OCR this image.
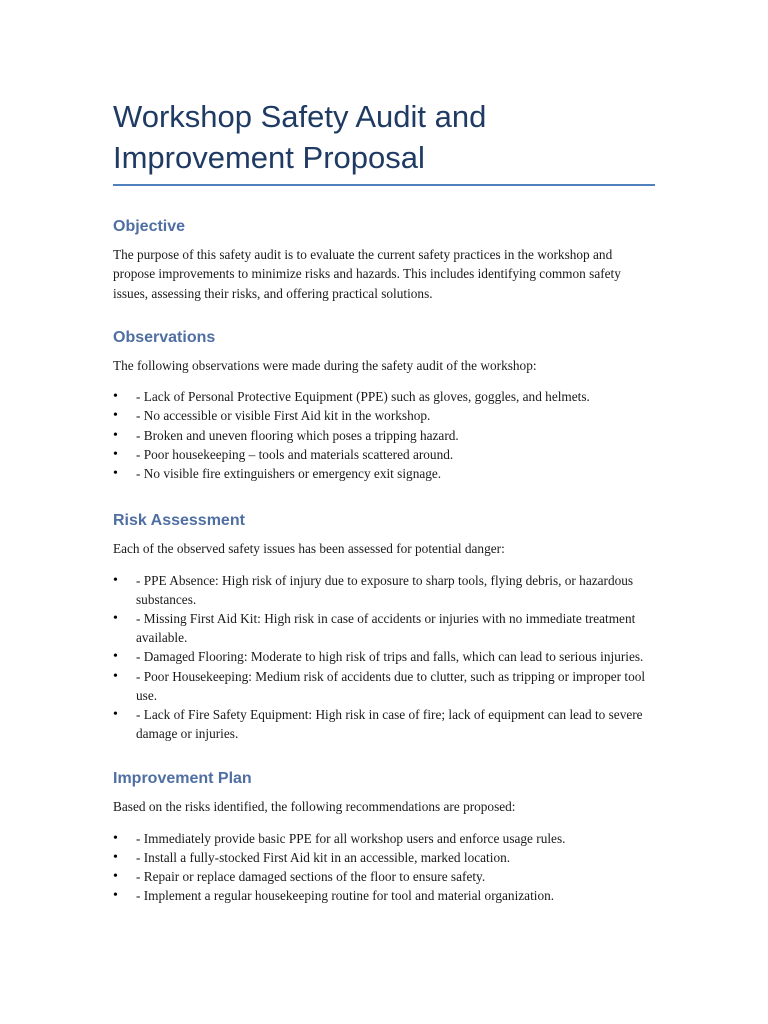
Workshop Safety Audit and
Improvement Proposal
Objective

The purpose of this safety audit is to evaluate the current safety practices in the workshop and propose improvements to minimize risks and hazards. This includes identifying common safety issues, assessing their risks, and offering practical solutions.

Observations

The following observations were made during the safety audit of the workshop:

• - Lack of Personal Protective Equipment (PPE) such as gloves, goggles, and helmets.
• - No accessible or visible First Aid kit in the workshop.
• - Broken and uneven flooring which poses a tripping hazard.
• - Poor housekeeping – tools and materials scattered around.
• - No visible fire extinguishers or emergency exit signage.
Risk Assessment

Each of the observed safety issues has been assessed for potential danger:

• - PPE Absence: High risk of injury due to exposure to sharp tools, flying debris, or hazardous substances.
• - Missing First Aid Kit: High risk in case of accidents or injuries with no immediate treatment available.
• - Damaged Flooring: Moderate to high risk of trips and falls, which can lead to serious injuries.
• - Poor Housekeeping: Medium risk of accidents due to clutter, such as tripping or improper tool use.
• - Lack of Fire Safety Equipment: High risk in case of fire; lack of equipment can lead to severe damage or injuries.
Improvement Plan

Based on the risks identified, the following recommendations are proposed:

• - Immediately provide basic PPE for all workshop users and enforce usage rules.
• - Install a fully-stocked First Aid kit in an accessible, marked location.
• - Repair or replace damaged sections of the floor to ensure safety.
• - Implement a regular housekeeping routine for tool and material organization.
